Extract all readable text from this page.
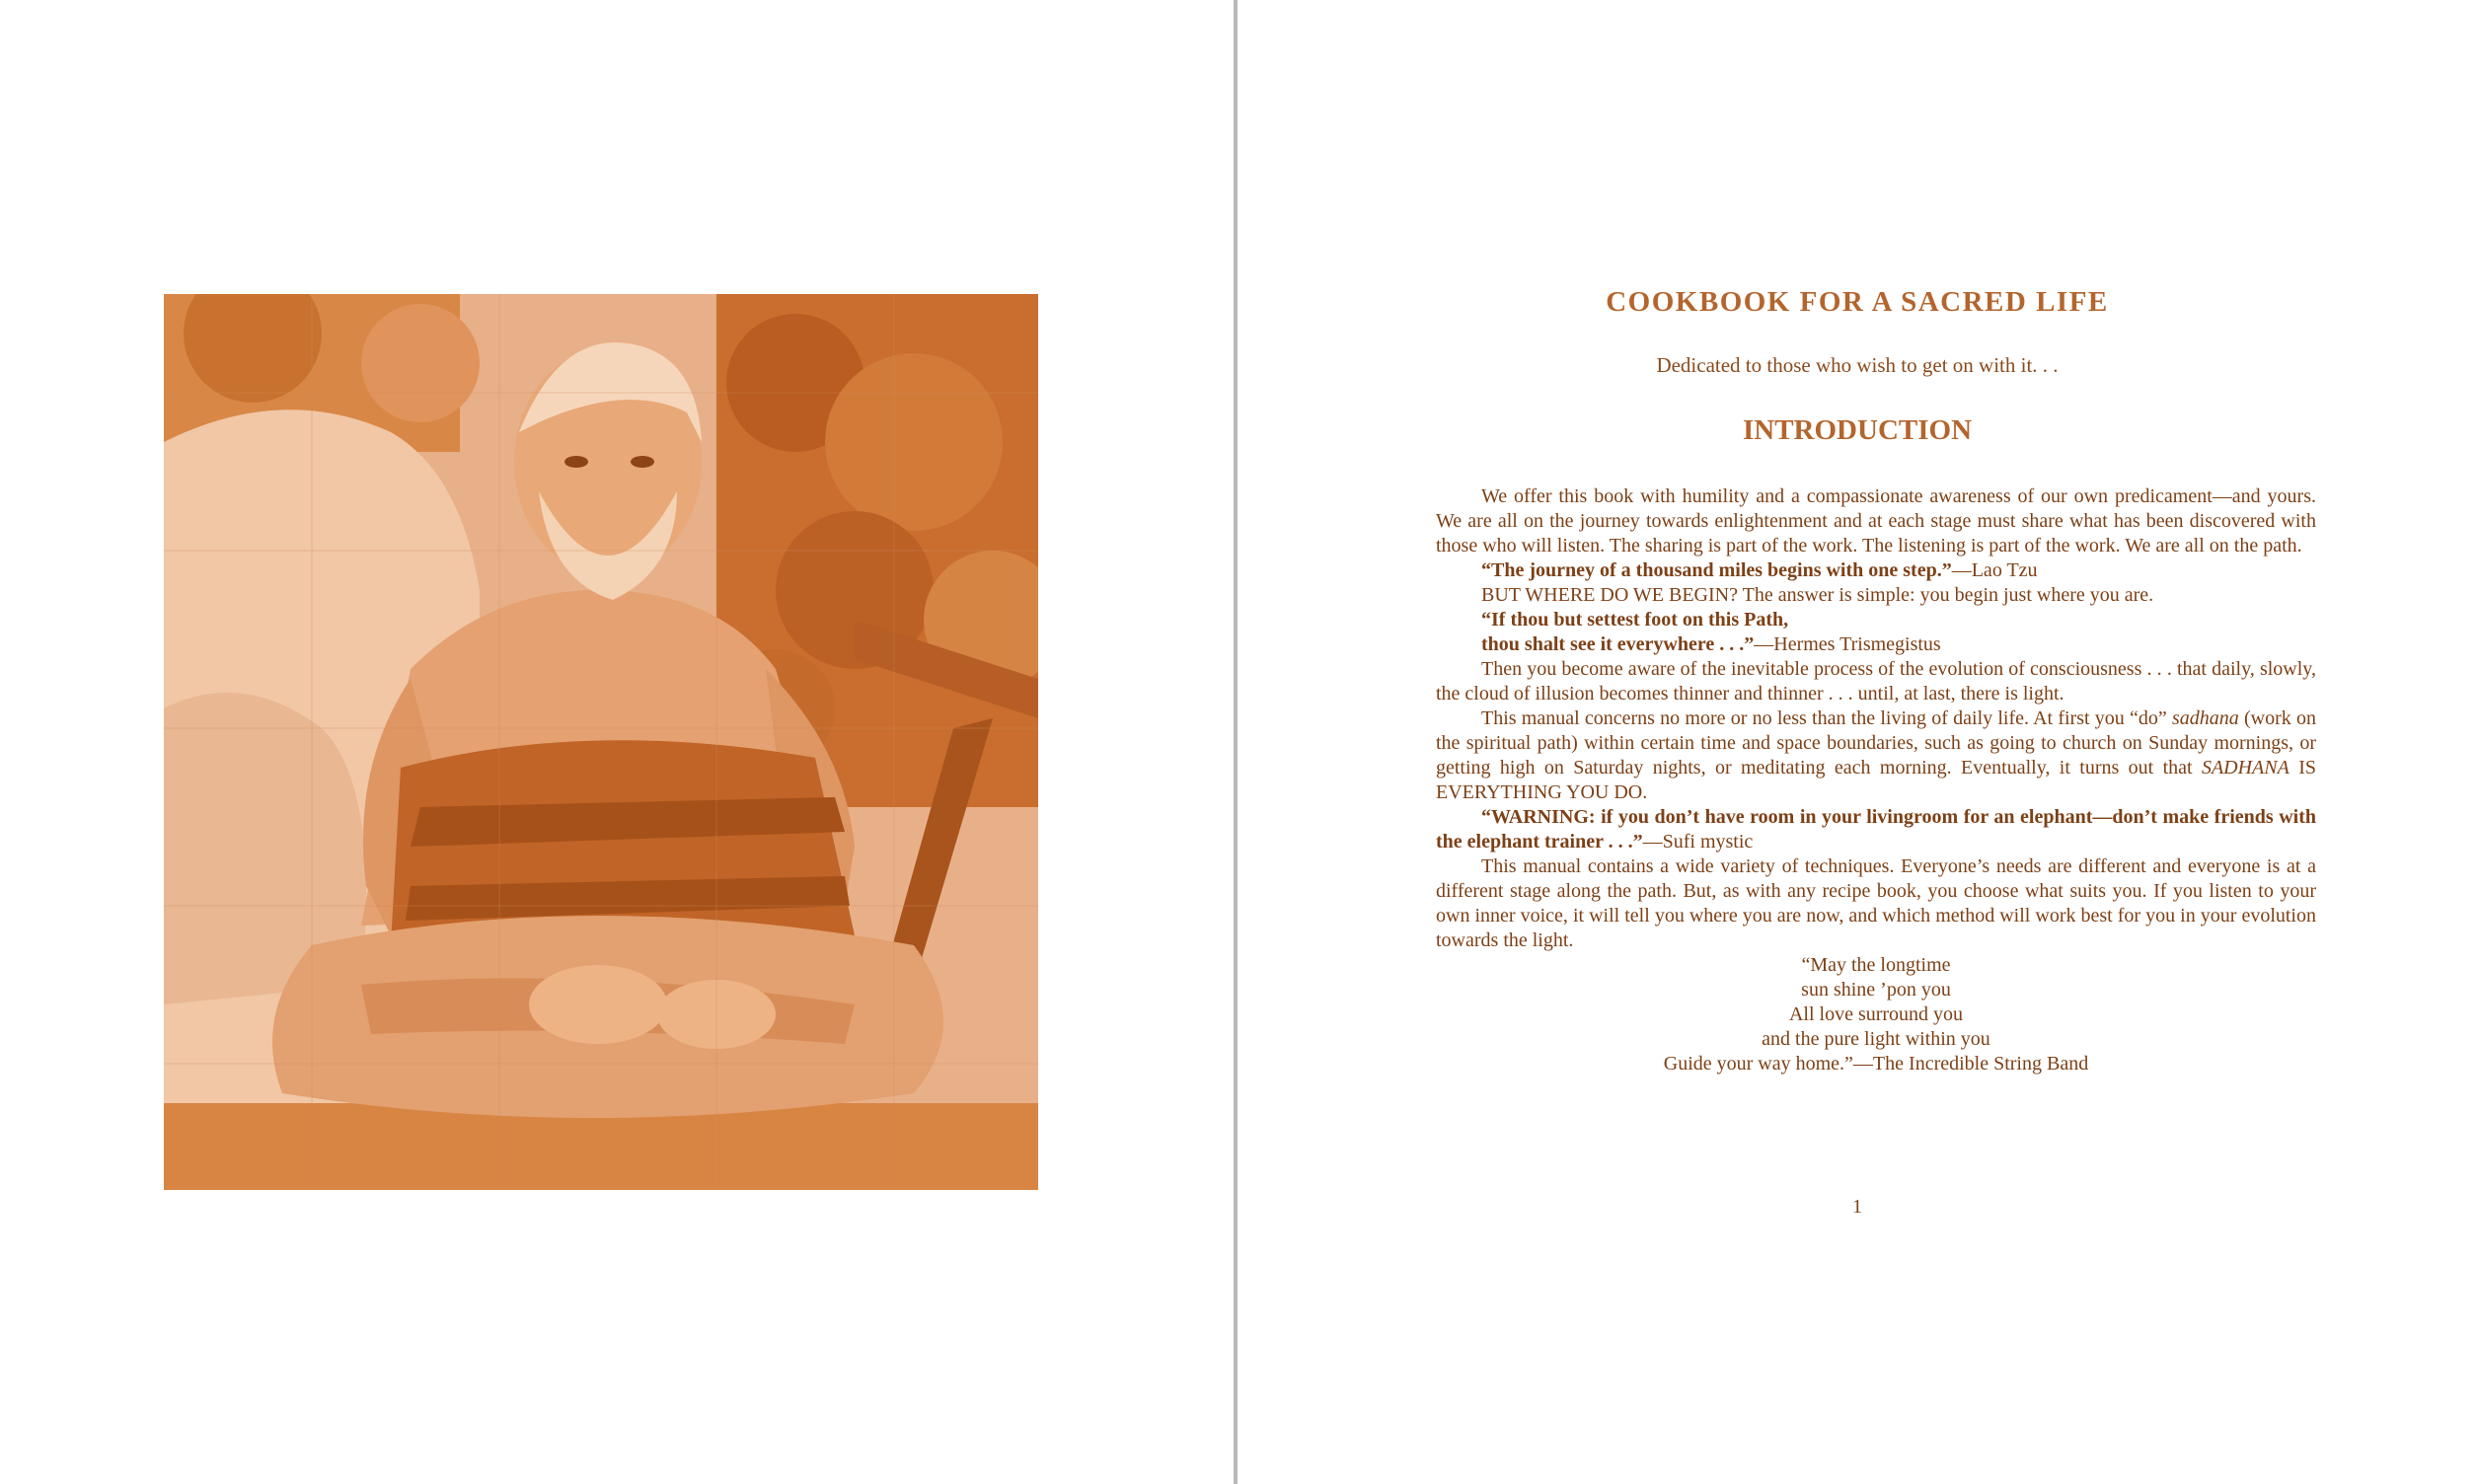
COOKBOOK FOR A SACRED LIFE
Dedicated to those who wish to get on with it. . .
INTRODUCTION

We offer this book with humility and a compassionate awareness of our own predicament—and yours. We are all on the journey towards enlightenment and at each stage must share what has been discovered with those who will listen. The sharing is part of the work. The listening is part of the work. We are all on the path.

“The journey of a thousand miles begins with one step.”—Lao Tzu

BUT WHERE DO WE BEGIN? The answer is simple: you begin just where you are.

“If thou but settest foot on this Path,

thou shalt see it everywhere . . .”—Hermes Trismegistus

Then you become aware of the inevitable process of the evolution of consciousness . . . that daily, slowly, the cloud of illusion becomes thinner and thinner . . . until, at last, there is light.

This manual concerns no more or no less than the living of daily life. At first you “do” sadhana (work on the spiritual path) within certain time and space boundaries, such as going to church on Sunday mornings, or getting high on Saturday nights, or meditating each morning. Eventually, it turns out that SADHANA IS EVERYTHING YOU DO.

“WARNING: if you don’t have room in your livingroom for an elephant—don’t make friends with the elephant trainer . . .”—Sufi mystic

This manual contains a wide variety of techniques. Everyone’s needs are different and everyone is at a different stage along the path. But, as with any recipe book, you choose what suits you. If you listen to your own inner voice, it will tell you where you are now, and which method will work best for you in your evolution towards the light.

“May the longtime
sun shine ’pon you
All love surround you
and the pure light within you
Guide your way home.”—The Incredible String Band
1
